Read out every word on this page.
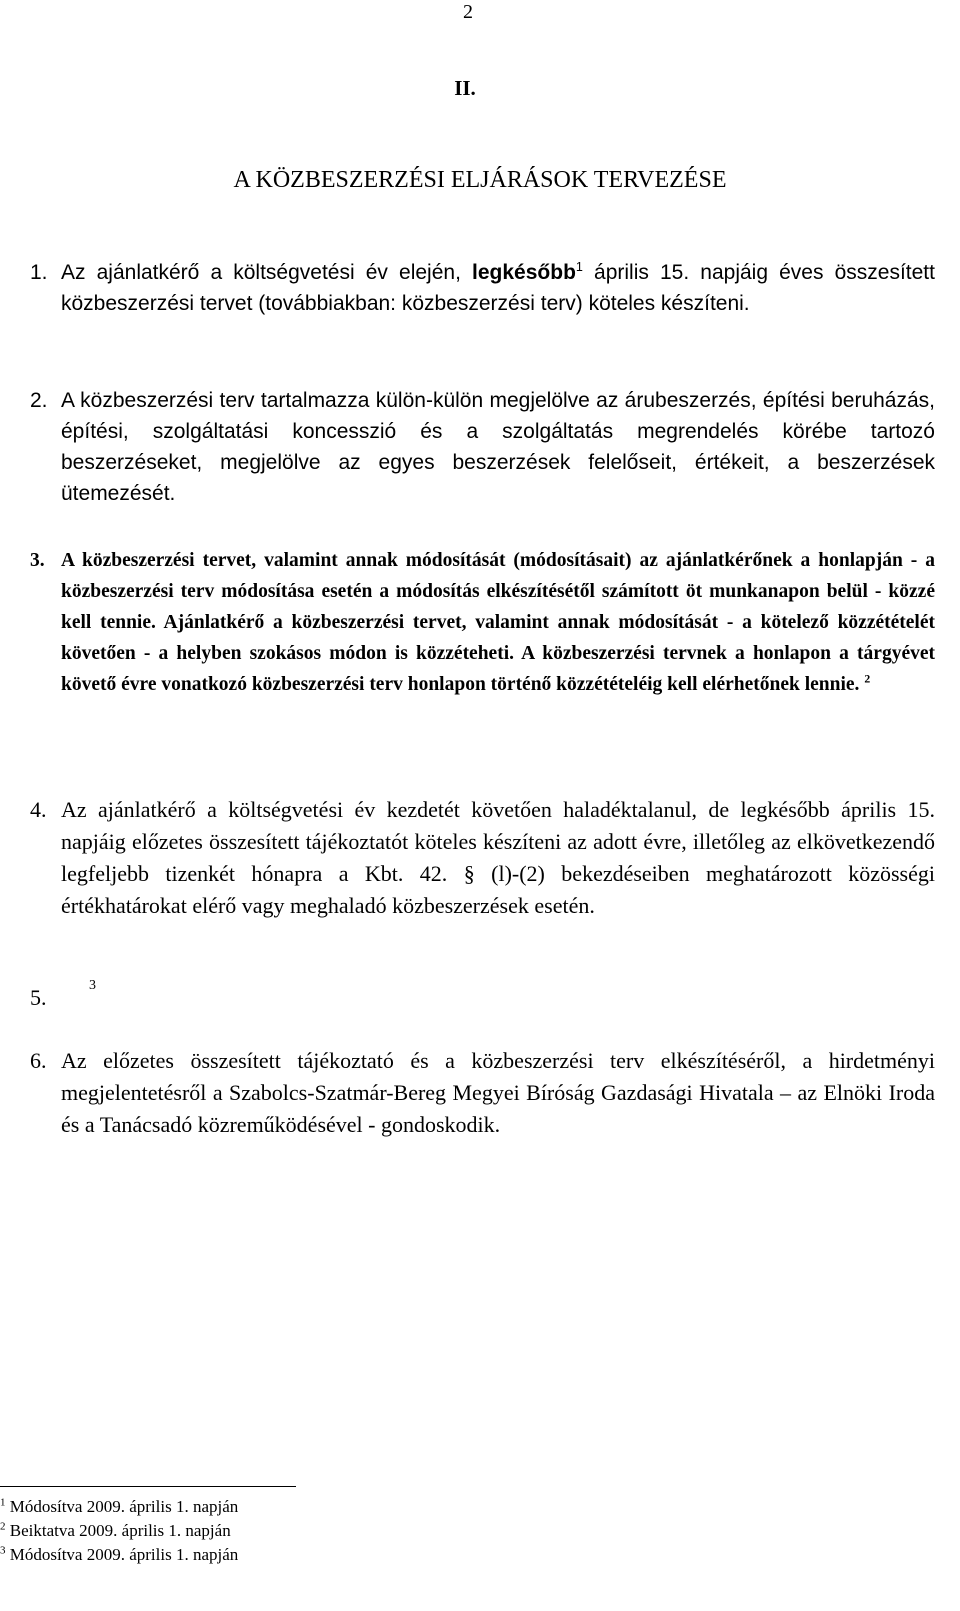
2
II.
A KÖZBESZERZÉSI ELJÁRÁSOK TERVEZÉSE
1. Az ajánlatkérő a költségvetési év elején, legkésőbb$^1$ április 15. napjáig éves összesített közbeszerzési tervet (továbbiakban: közbeszerzési terv) köteles készíteni.
2. A közbeszerzési terv tartalmazza külön-külön megjelölve az árubeszerzés, építési beruházás, építési, szolgáltatási koncesszió és a szolgáltatás megrendelés körébe tartozó beszerzéseket, megjelölve az egyes beszerzések felelőseit, értékeit, a beszerzések ütemezését.
3. A közbeszerzési tervet, valamint annak módosítását (módosításait) az ajánlatkérőnek a honlapján - a közbeszerzési terv módosítása esetén a módosítás elkészítésétől számított öt munkanapon belül - közzé kell tennie. Ajánlatkérő a közbeszerzési tervet, valamint annak módosítását - a kötelező közzétételét követően - a helyben szokásos módon is közzéteheti. A közbeszerzési tervnek a honlapon a tárgyévet követő évre vonatkozó közbeszerzési terv honlapon történő közzétételéig kell elérhetőnek lennie. $^2$
4. Az ajánlatkérő a költségvetési év kezdetét követően haladéktalanul, de legkésőbb április 15. napjáig előzetes összesített tájékoztatót köteles készíteni az adott évre, illetőleg az elkövetkezendő legfeljebb tizenkét hónapra a Kbt. 42. § (l)-(2) bekezdéseiben meghatározott közösségi értékhatárokat elérő vagy meghaladó közbeszerzések esetén.
5.	3
6. Az előzetes összesített tájékoztató és a közbeszerzési terv elkészítéséről, a hirdetményi megjelentetésről a Szabolcs-Szatmár-Bereg Megyei Bíróság Gazdasági Hivatala – az Elnöki Iroda és a Tanácsadó közreműködésével - gondoskodik.
$^1$ Módosítva 2009. április 1. napján
$^2$ Beiktatva 2009. április 1. napján
$^3$ Módosítva 2009. április 1. napján
